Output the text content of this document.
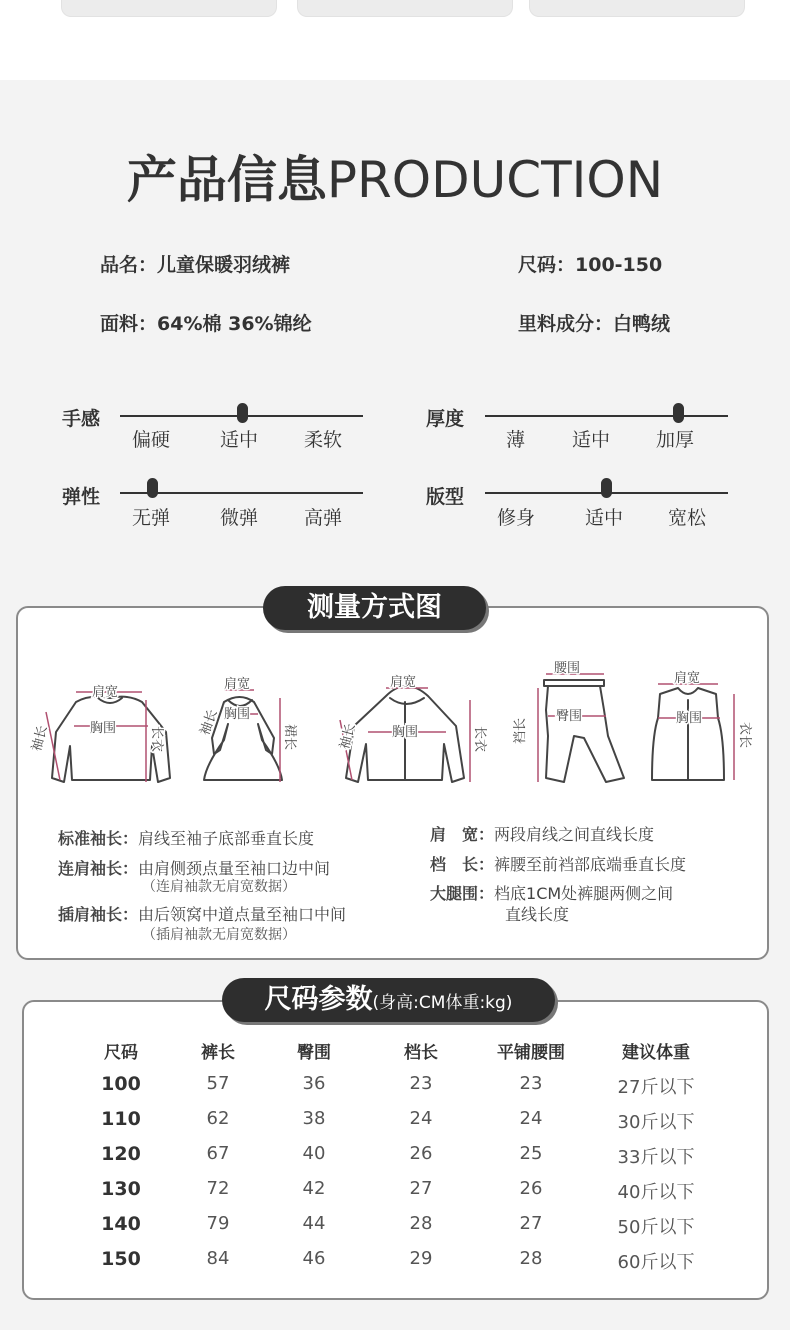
产品信息PRODUCTION
品名：儿童保暖羽绒裤	尺码：100-150
面料：64%棉 36%锦纶	里料成分：白鸭绒
手感
偏硬	适中 柔软
厚度
薄 适中 加厚
弹性
无弹	微弹 高弹
版型
修身	适中 宽松
测量方式图
肩宽
胸围
袖长	长衣
肩宽
胸围
袖长	裙长
肩宽
胸围
袖长	长衣
腰围
臀围
裆长
肩宽
胸围
衣长
标准袖长：肩线至袖子底部垂直长度
连肩袖长：由肩侧颈点量至袖口边中间
（连肩袖款无肩宽数据）
插肩袖长：由后领窝中道点量至袖口中间
（插肩袖款无肩宽数据）
肩　宽：两段肩线之间直线长度
档　长：裤腰至前裆部底端垂直长度
大腿围：档底1CM处裤腿两侧之间
直线长度
尺码参数(身高:CM体重:kg)
尺码	裤长	臀围	档长	平铺腰围	建议体重
100	57	36	23	23	27斤以下
110	62	38	24	24	30斤以下
120	67	40	26	25	33斤以下
130	72	42	27	26	40斤以下
140	79	44	28	27	50斤以下
150	84	46	29	28	60斤以下
